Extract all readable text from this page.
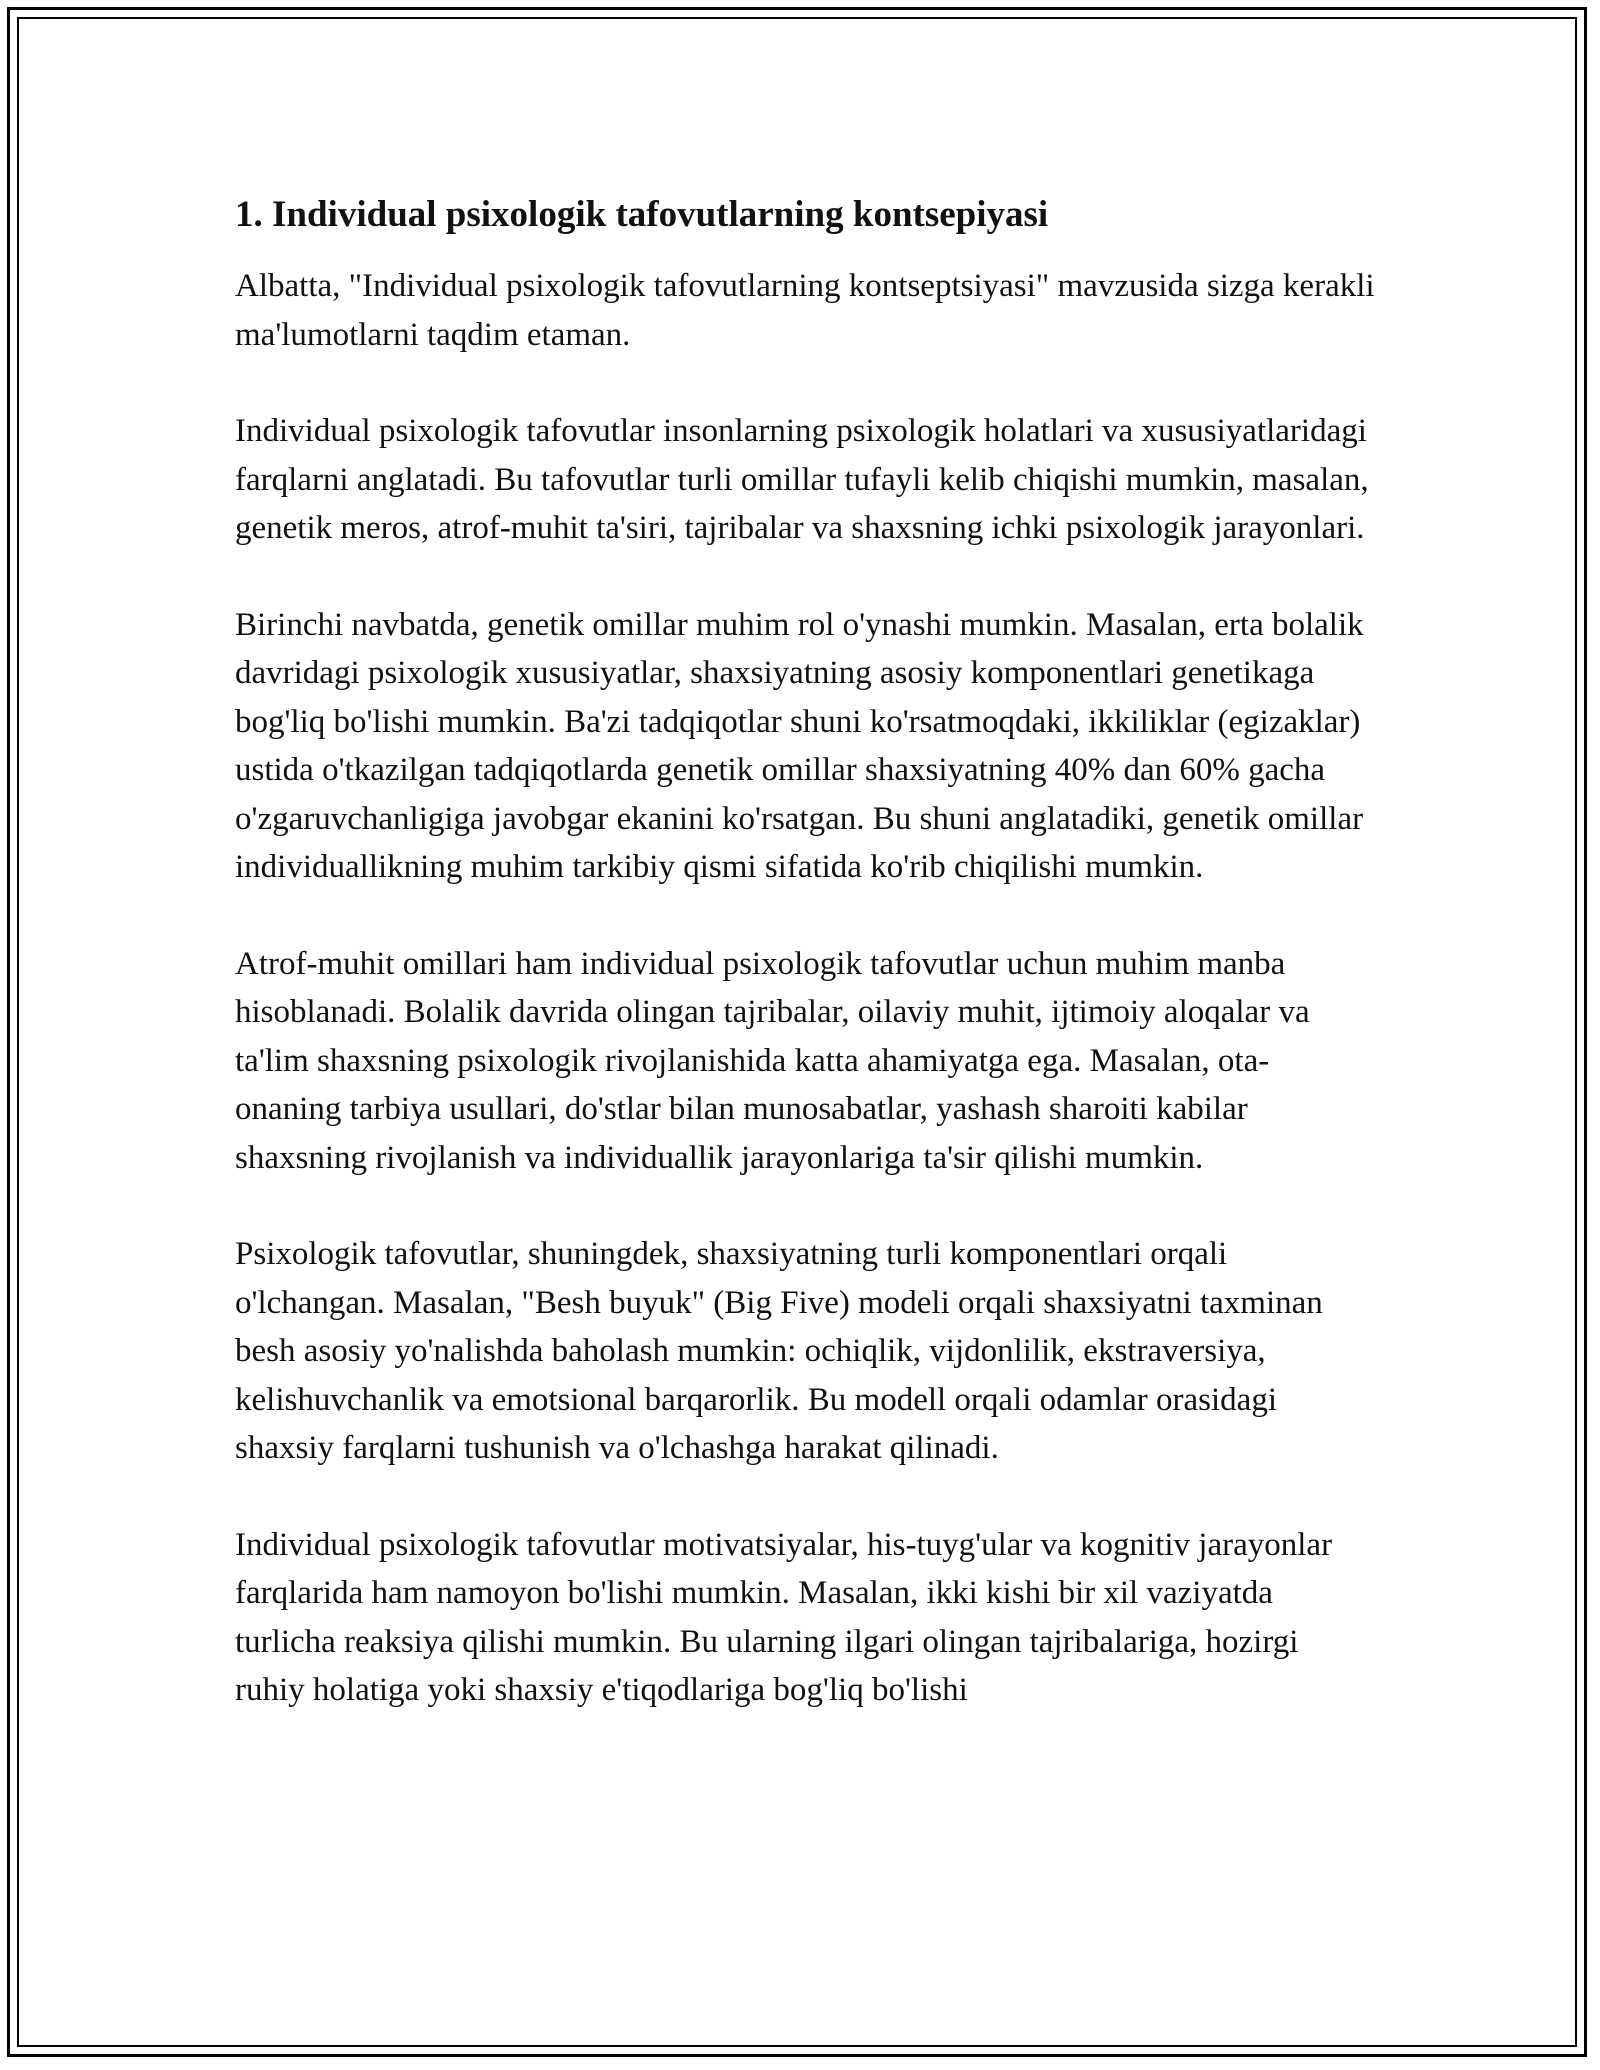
1. Individual psixologik tafovutlarning kontsepiyasi

Albatta, "Individual psixologik tafovutlarning kontseptsiyasi" mavzusida sizga kerakli ma'lumotlarni taqdim etaman.

Individual psixologik tafovutlar insonlarning psixologik holatlari va xususiyatlaridagi farqlarni anglatadi. Bu tafovutlar turli omillar tufayli kelib chiqishi mumkin, masalan, genetik meros, atrof-muhit ta'siri, tajribalar va shaxsning ichki psixologik jarayonlari.

Birinchi navbatda, genetik omillar muhim rol o'ynashi mumkin. Masalan, erta bolalik davridagi psixologik xususiyatlar, shaxsiyatning asosiy komponentlari genetikaga bog'liq bo'lishi mumkin. Ba'zi tadqiqotlar shuni ko'rsatmoqdaki, ikkiliklar (egizaklar) ustida o'tkazilgan tadqiqotlarda genetik omillar shaxsiyatning 40% dan 60% gacha o'zgaruvchanligiga javobgar ekanini ko'rsatgan. Bu shuni anglatadiki, genetik omillar individuallikning muhim tarkibiy qismi sifatida ko'rib chiqilishi mumkin.

Atrof-muhit omillari ham individual psixologik tafovutlar uchun muhim manba hisoblanadi. Bolalik davrida olingan tajribalar, oilaviy muhit, ijtimoiy aloqalar va ta'lim shaxsning psixologik rivojlanishida katta ahamiyatga ega. Masalan, ota-onaning tarbiya usullari, do'stlar bilan munosabatlar, yashash sharoiti kabilar shaxsning rivojlanish va individuallik jarayonlariga ta'sir qilishi mumkin.

Psixologik tafovutlar, shuningdek, shaxsiyatning turli komponentlari orqali o'lchangan. Masalan, "Besh buyuk" (Big Five) modeli orqali shaxsiyatni taxminan besh asosiy yo'nalishda baholash mumkin: ochiqlik, vijdonlilik, ekstraversiya, kelishuvchanlik va emotsional barqarorlik. Bu modell orqali odamlar orasidagi shaxsiy farqlarni tushunish va o'lchashga harakat qilinadi.

Individual psixologik tafovutlar motivatsiyalar, his-tuyg'ular va kognitiv jarayonlar farqlarida ham namoyon bo'lishi mumkin. Masalan, ikki kishi bir xil vaziyatda turlicha reaksiya qilishi mumkin. Bu ularning ilgari olingan tajribalariga, hozirgi ruhiy holatiga yoki shaxsiy e'tiqodlariga bog'liq bo'lishi
